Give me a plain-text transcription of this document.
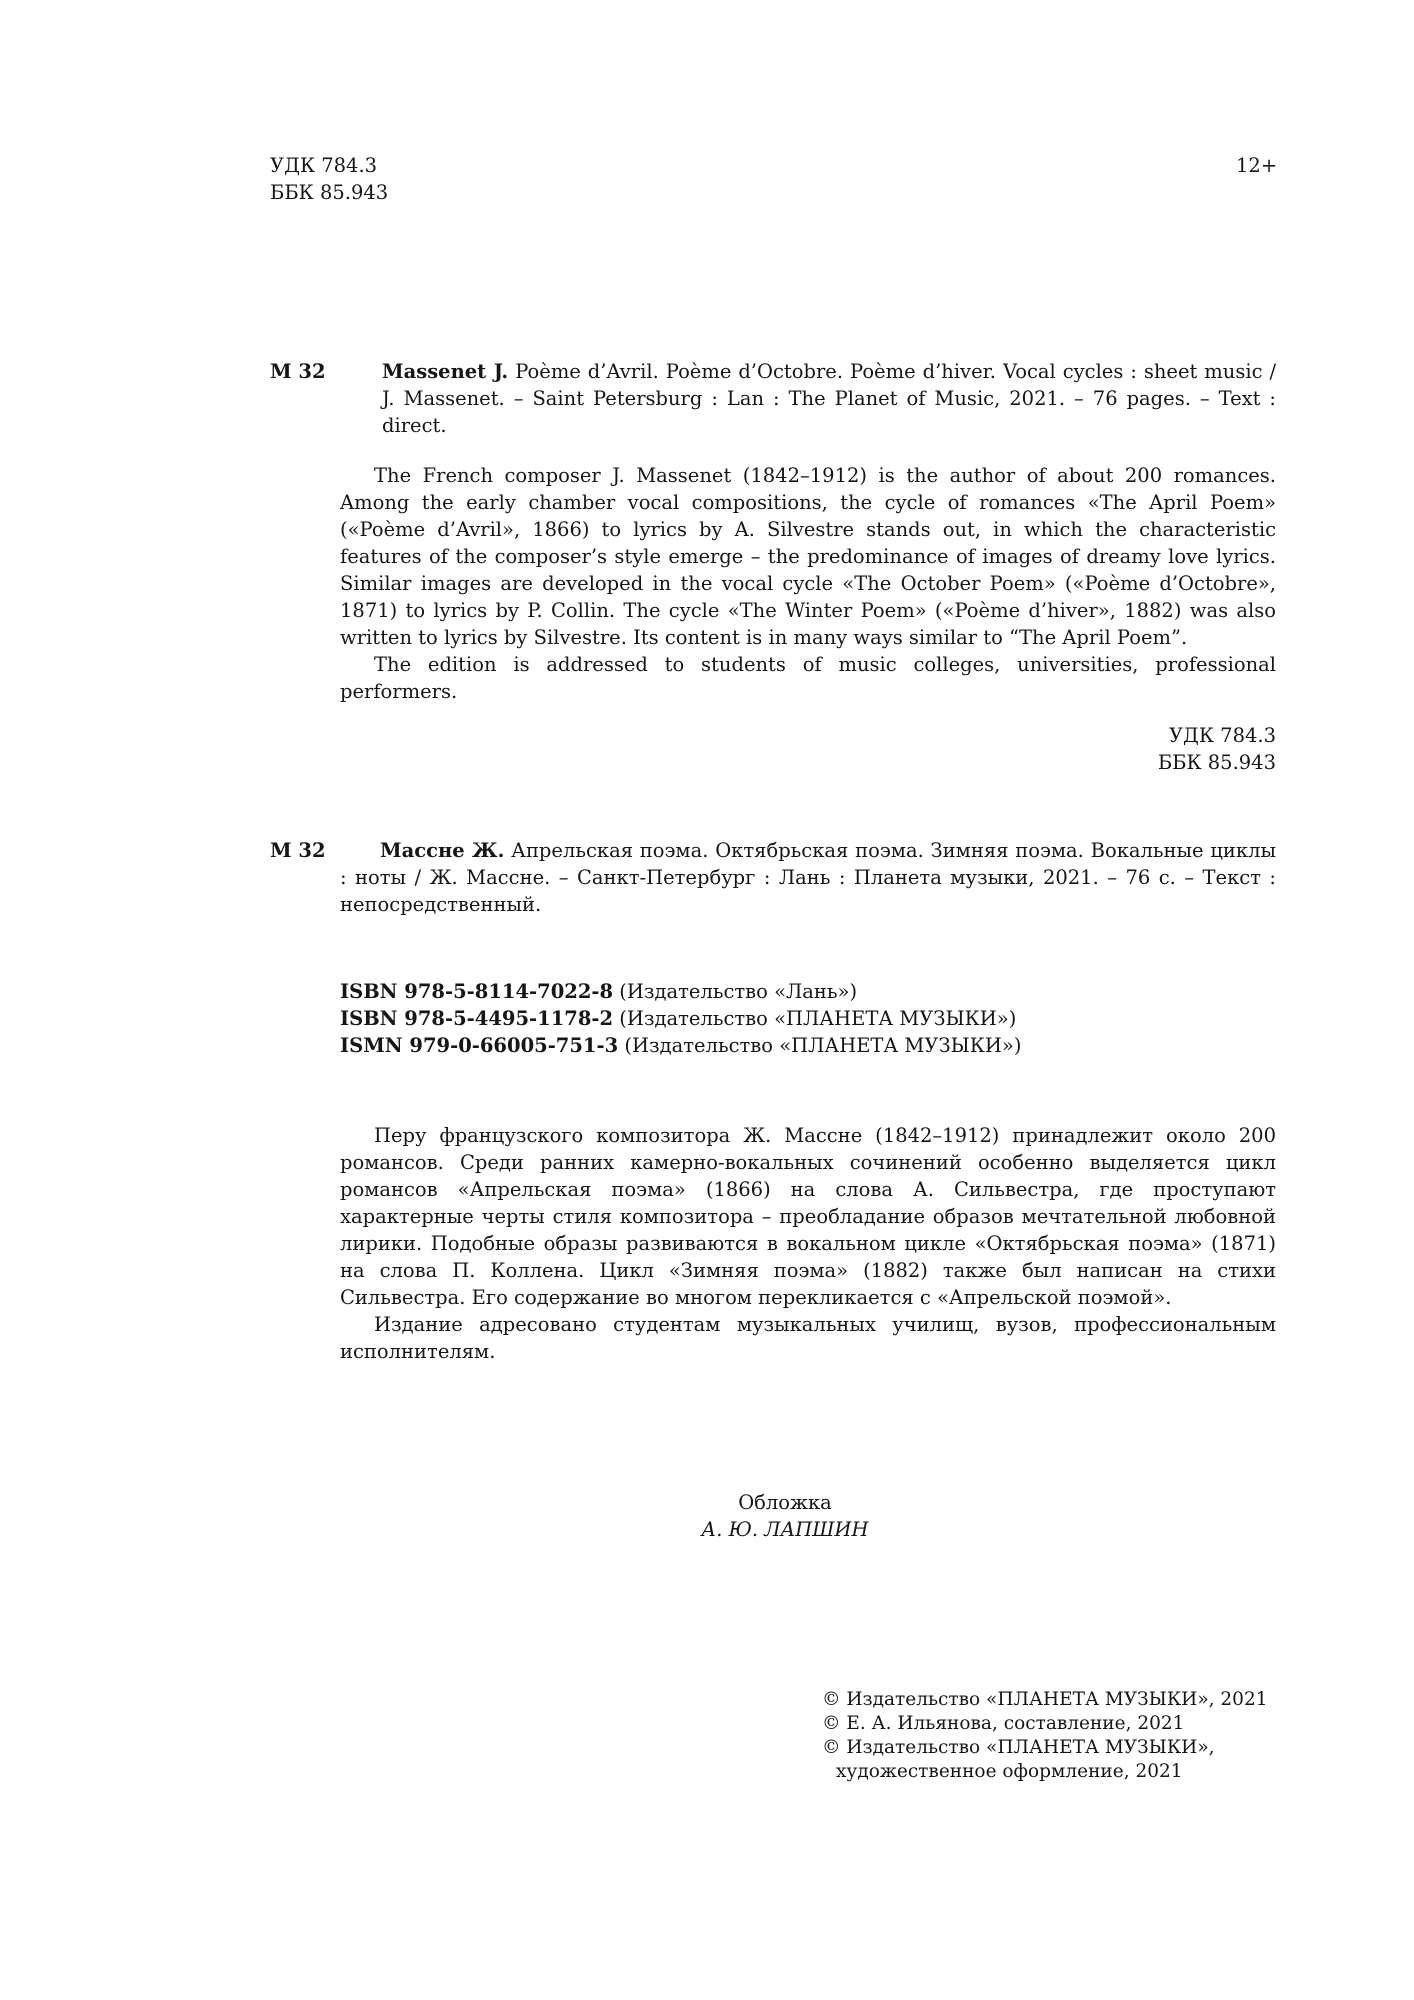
УДК 784.3
ББК 85.943
12+
M 32	Massenet J. Poème d’Avril. Poème d’Octobre. Poème d’hiver. Vocal cycles : sheet music / J. Massenet. – Saint Petersburg : Lan : The Planet of Music, 2021. – 76 pages. – Text : direct.

The French composer J. Massenet (1842–1912) is the author of about 200 romances. Among the early chamber vocal compositions, the cycle of romances «The April Poem» («Poème d’Avril», 1866) to lyrics by A. Silvestre stands out, in which the characteristic features of the composer’s style emerge – the predominance of images of dreamy love lyrics. Similar images are developed in the vocal cycle «The October Poem» («Poème d’Octobre», 1871) to lyrics by P. Collin. The cycle «The Winter Poem» («Poème d’hiver», 1882) was also written to lyrics by Silvestre. Its content is in many ways similar to “The April Poem”.

The edition is addressed to students of music colleges, universities, professional performers.

УДК 784.3
ББК 85.943
М 32	Массне Ж. Апрельская поэма. Октябрьская поэма. Зимняя поэма. Вокальные циклы : ноты / Ж. Массне. – Санкт-Петербург : Лань : Планета музыки, 2021. – 76 с. – Текст : непосредственный.
ISBN 978-5-8114-7022-8 (Издательство «Лань»)
ISBN 978-5-4495-1178-2 (Издательство «ПЛАНЕТА МУЗЫКИ»)
ISMN 979-0-66005-751-3 (Издательство «ПЛАНЕТА МУЗЫКИ»)

Перу французского композитора Ж. Массне (1842–1912) принадлежит около 200 романсов. Среди ранних камерно-вокальных сочинений особенно выделяется цикл романсов «Апрельская поэма» (1866) на слова А. Сильвестра, где проступают характерные черты стиля композитора – преобладание образов мечтательной любовной лирики. Подобные образы развиваются в вокальном цикле «Октябрьская поэма» (1871) на слова П. Коллена. Цикл «Зимняя поэма» (1882) также был написан на стихи Сильвестра. Его содержание во многом перекликается с «Апрельской поэмой».

Издание адресовано студентам музыкальных училищ, вузов, профессиональным исполнителям.

Обложка
А. Ю. ЛАПШИН
© Издательство «ПЛАНЕТА МУЗЫКИ», 2021
© Е. А. Ильянова, составление, 2021
© Издательство «ПЛАНЕТА МУЗЫКИ»,
художественное оформление, 2021
